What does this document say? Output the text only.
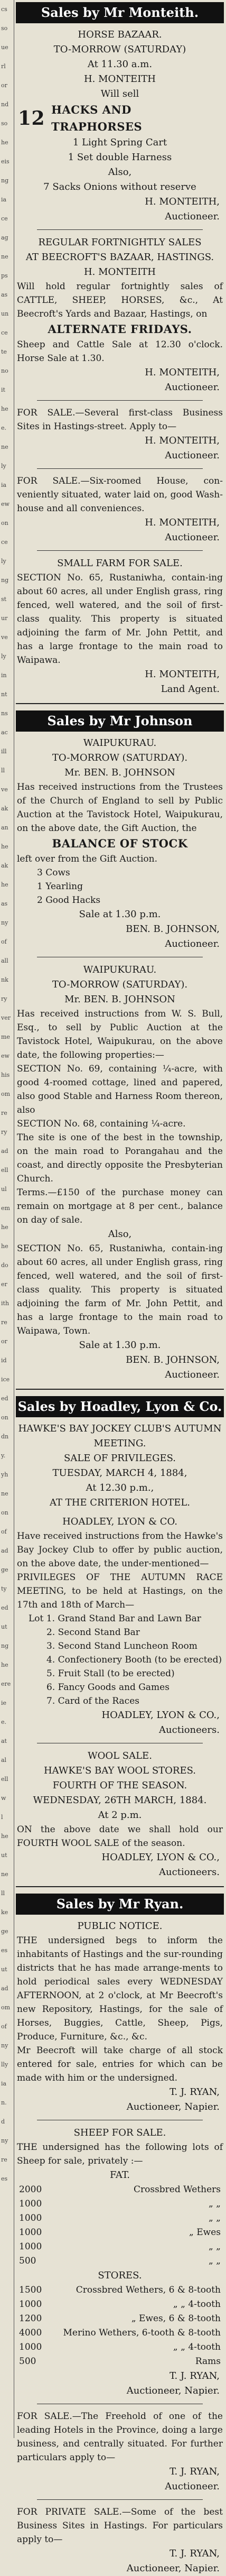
cs
so
ue
rl
or
nd
so
he
eis
ng
ia
ce
ag
ne
ps
as
un
ce
te
no
it
he
e.
ne
ly
ia
ew
on
ce
ly
ng
st
ur
ve
ly
in
nt
ns
ac
ill
ll
ve
ak
an
he
ak
he
as
ny
of
all
nk
ry
ver
me
ew
his
om
re
ry
ad
ell
ul
em
he
he
do
er
ith
re
or
id
ice
ed
on
dn
y.
yh
ne
on
of
ad
ge
ty
ed
ut
ng
he
ere
ie
e.
at
al
ell
w
l
he
ut
ne
ll
ke
ge
es
ut
ad
om
of
ny
lly
ia
n.
d
ny
re
es
Sales by Mr Monteith.
HORSE BAZAAR.
TO-MORROW (SATURDAY)
At 11.30 a.m.
H. MONTEITH
Will sell
12 HACKS AND TRAPHORSES
1 Light Spring Cart
1 Set double Harness
Also,
7 Sacks Onions without reserve
H. MONTEITH,
Auctioneer.
REGULAR FORTNIGHTLY SALES
AT BEECROFT'S BAZAAR, HASTINGS.
H. MONTEITH
Will hold regular fortnightly sales of CATTLE, SHEEP, HORSES, &c., At Beecroft's Yards and Bazaar, Hastings, on
ALTERNATE FRIDAYS.
Sheep and Cattle Sale at 12.30 o'clock. Horse Sale at 1.30.
H. MONTEITH,
Auctioneer.
FOR SALE.—Several first-class Business Sites in Hastings-street. Apply to—
H. MONTEITH,
Auctioneer.
FOR SALE.—Six-roomed House, con-veniently situated, water laid on, good Wash-house and all conveniences.
H. MONTEITH,
Auctioneer.
SMALL FARM FOR SALE.
SECTION No. 65, Rustaniwha, contain-ing about 60 acres, all under English grass, ring fenced, well watered, and the soil of first-class quality. This property is situated adjoining the farm of Mr. John Pettit, and has a large frontage to the main road to Waipawa.
H. MONTEITH,
Land Agent.
Sales by Mr Johnson
WAIPUKURAU.
TO-MORROW (SATURDAY).
Mr. BEN. B. JOHNSON
Has received instructions from the Trustees of the Church of England to sell by Public Auction at the Tavistock Hotel, Waipukurau, on the above date, the Gift Auction, the
BALANCE OF STOCK
left over from the Gift Auction.
3 Cows
1 Yearling
2 Good Hacks
Sale at 1.30 p.m.
BEN. B. JOHNSON,
Auctioneer.
WAIPUKURAU.
TO-MORROW (SATURDAY).
Mr. BEN. B. JOHNSON
Has received instructions from W. S. Bull, Esq., to sell by Public Auction at the Tavistock Hotel, Waipukurau, on the above date, the following properties:—
SECTION No. 69, containing ¼-acre, with good 4-roomed cottage, lined and papered, also good Stable and Harness Room thereon, also
SECTION No. 68, containing ¼-acre.
The site is one of the best in the township, on the main road to Porangahau and the coast, and directly opposite the Presbyterian Church.
Terms.—£150 of the purchase money can remain on mortgage at 8 per cent., balance on day of sale.
Also,
SECTION No. 65, Rustaniwha, contain-ing about 60 acres, all under English grass, ring fenced, well watered, and the soil of first-class quality. This property is situated adjoining the farm of Mr. John Pettit, and has a large frontage to the main road to Waipawa, Town.
Sale at 1.30 p.m.
BEN. B. JOHNSON,
Auctioneer.
Sales by Hoadley, Lyon & Co.
HAWKE'S BAY JOCKEY CLUB'S AUTUMN MEETING.
SALE OF PRIVILEGES.
TUESDAY, MARCH 4, 1884,
At 12.30 p.m.,
AT THE CRITERION HOTEL.
HOADLEY, LYON & CO.
Have received instructions from the Hawke's Bay Jockey Club to offer by public auction, on the above date, the under-mentioned—
PRIVILEGES OF THE AUTUMN RACE MEETING, to be held at Hastings, on the 17th and 18th of March—
Lot 1. Grand Stand Bar and Lawn Bar
2. Second Stand Bar
3. Second Stand Luncheon Room
4. Confectionery Booth (to be erected)
5. Fruit Stall (to be erected)
6. Fancy Goods and Games
7. Card of the Races
HOADLEY, LYON & CO.,
Auctioneers.
WOOL SALE.
HAWKE'S BAY WOOL STORES.
FOURTH OF THE SEASON.
WEDNESDAY, 26TH MARCH, 1884.
At 2 p.m.
ON the above date we shall hold our FOURTH WOOL SALE of the season.
HOADLEY, LYON & CO.,
Auctioneers.
Sales by Mr Ryan.
PUBLIC NOTICE.
THE undersigned begs to inform the inhabitants of Hastings and the sur-rounding districts that he has made arrange-ments to hold periodical sales every WEDNESDAY AFTERNOON, at 2 o'clock, at Mr Beecroft's new Repository, Hastings, for the sale of Horses, Buggies, Cattle, Sheep, Pigs, Produce, Furniture, &c., &c.
Mr Beecroft will take charge of all stock entered for sale, entries for which can be made with him or the undersigned.
T. J. RYAN,
Auctioneer, Napier.
SHEEP FOR SALE.
THE undersigned has the following lots of Sheep for sale, privately :—
FAT.
2000	Crossbred Wethers
1000	„ „
1000	„ „
1000	„ Ewes
1000	„ „
500	„ „
STORES.
1500	Crossbred Wethers, 6 & 8-tooth
1000	„ „ 4-tooth
1200	„ Ewes, 6 & 8-tooth
4000 Merino Wethers, 6-tooth & 8-tooth
1000	„ „ 4-tooth
500	Rams
T. J. RYAN,
Auctioneer, Napier.
FOR SALE.—The Freehold of one of the leading Hotels in the Province, doing a large business, and centrally situated. For further particulars apply to—
T. J. RYAN,
Auctioneer.
FOR PRIVATE SALE.—Some of the best Business Sites in Hastings. For particulars apply to—
T. J. RYAN,
Auctioneer, Napier.
